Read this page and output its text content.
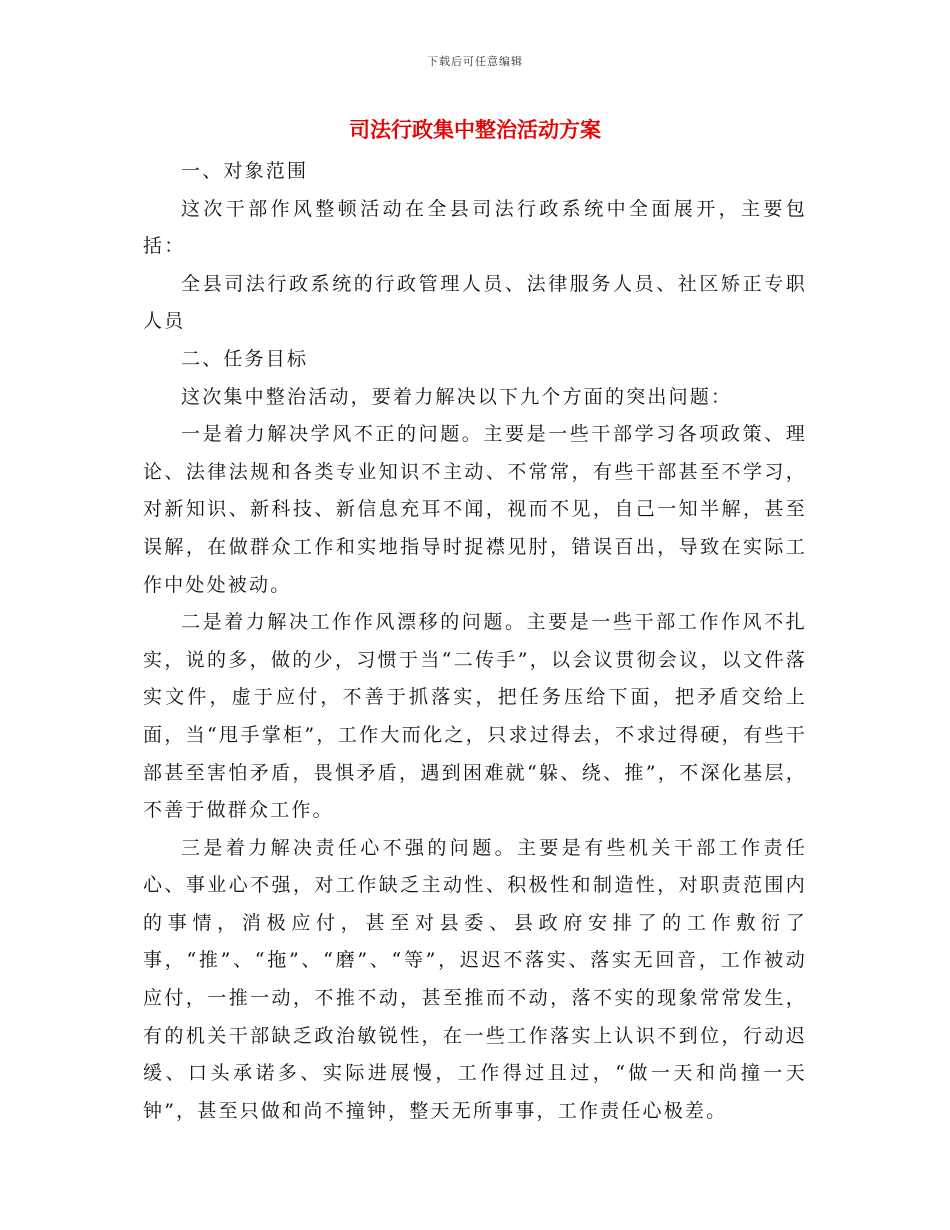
下载后可任意编辑
司法行政集中整治活动方案

一、对象范围

这次干部作风整顿活动在全县司法行政系统中全面展开，主要包括：

全县司法行政系统的行政管理人员、法律服务人员、社区矫正专职人员

二、任务目标

这次集中整治活动，要着力解决以下九个方面的突出问题：

一是着力解决学风不正的问题。主要是一些干部学习各项政策、理论、法律法规和各类专业知识不主动、不常常，有些干部甚至不学习，对新知识、新科技、新信息充耳不闻，视而不见，自己一知半解，甚至误解，在做群众工作和实地指导时捉襟见肘，错误百出，导致在实际工作中处处被动。

二是着力解决工作作风漂移的问题。主要是一些干部工作作风不扎实，说的多，做的少，习惯于当“二传手”，以会议贯彻会议，以文件落实文件，虚于应付，不善于抓落实，把任务压给下面，把矛盾交给上面，当“甩手掌柜”，工作大而化之，只求过得去，不求过得硬，有些干部甚至害怕矛盾，畏惧矛盾，遇到困难就“躲、绕、推”，不深化基层，不善于做群众工作。

三是着力解决责任心不强的问题。主要是有些机关干部工作责任心、事业心不强，对工作缺乏主动性、积极性和制造性，对职责范围内的事情，消极应付，甚至对县委、县政府安排了的工作敷衍了事，“推”、“拖”、“磨”、“等”，迟迟不落实、落实无回音，工作被动应付，一推一动，不推不动，甚至推而不动，落不实的现象常常发生，有的机关干部缺乏政治敏锐性，在一些工作落实上认识不到位，行动迟缓、口头承诺多、实际进展慢，工作得过且过，“做一天和尚撞一天钟”，甚至只做和尚不撞钟，整天无所事事，工作责任心极差。
